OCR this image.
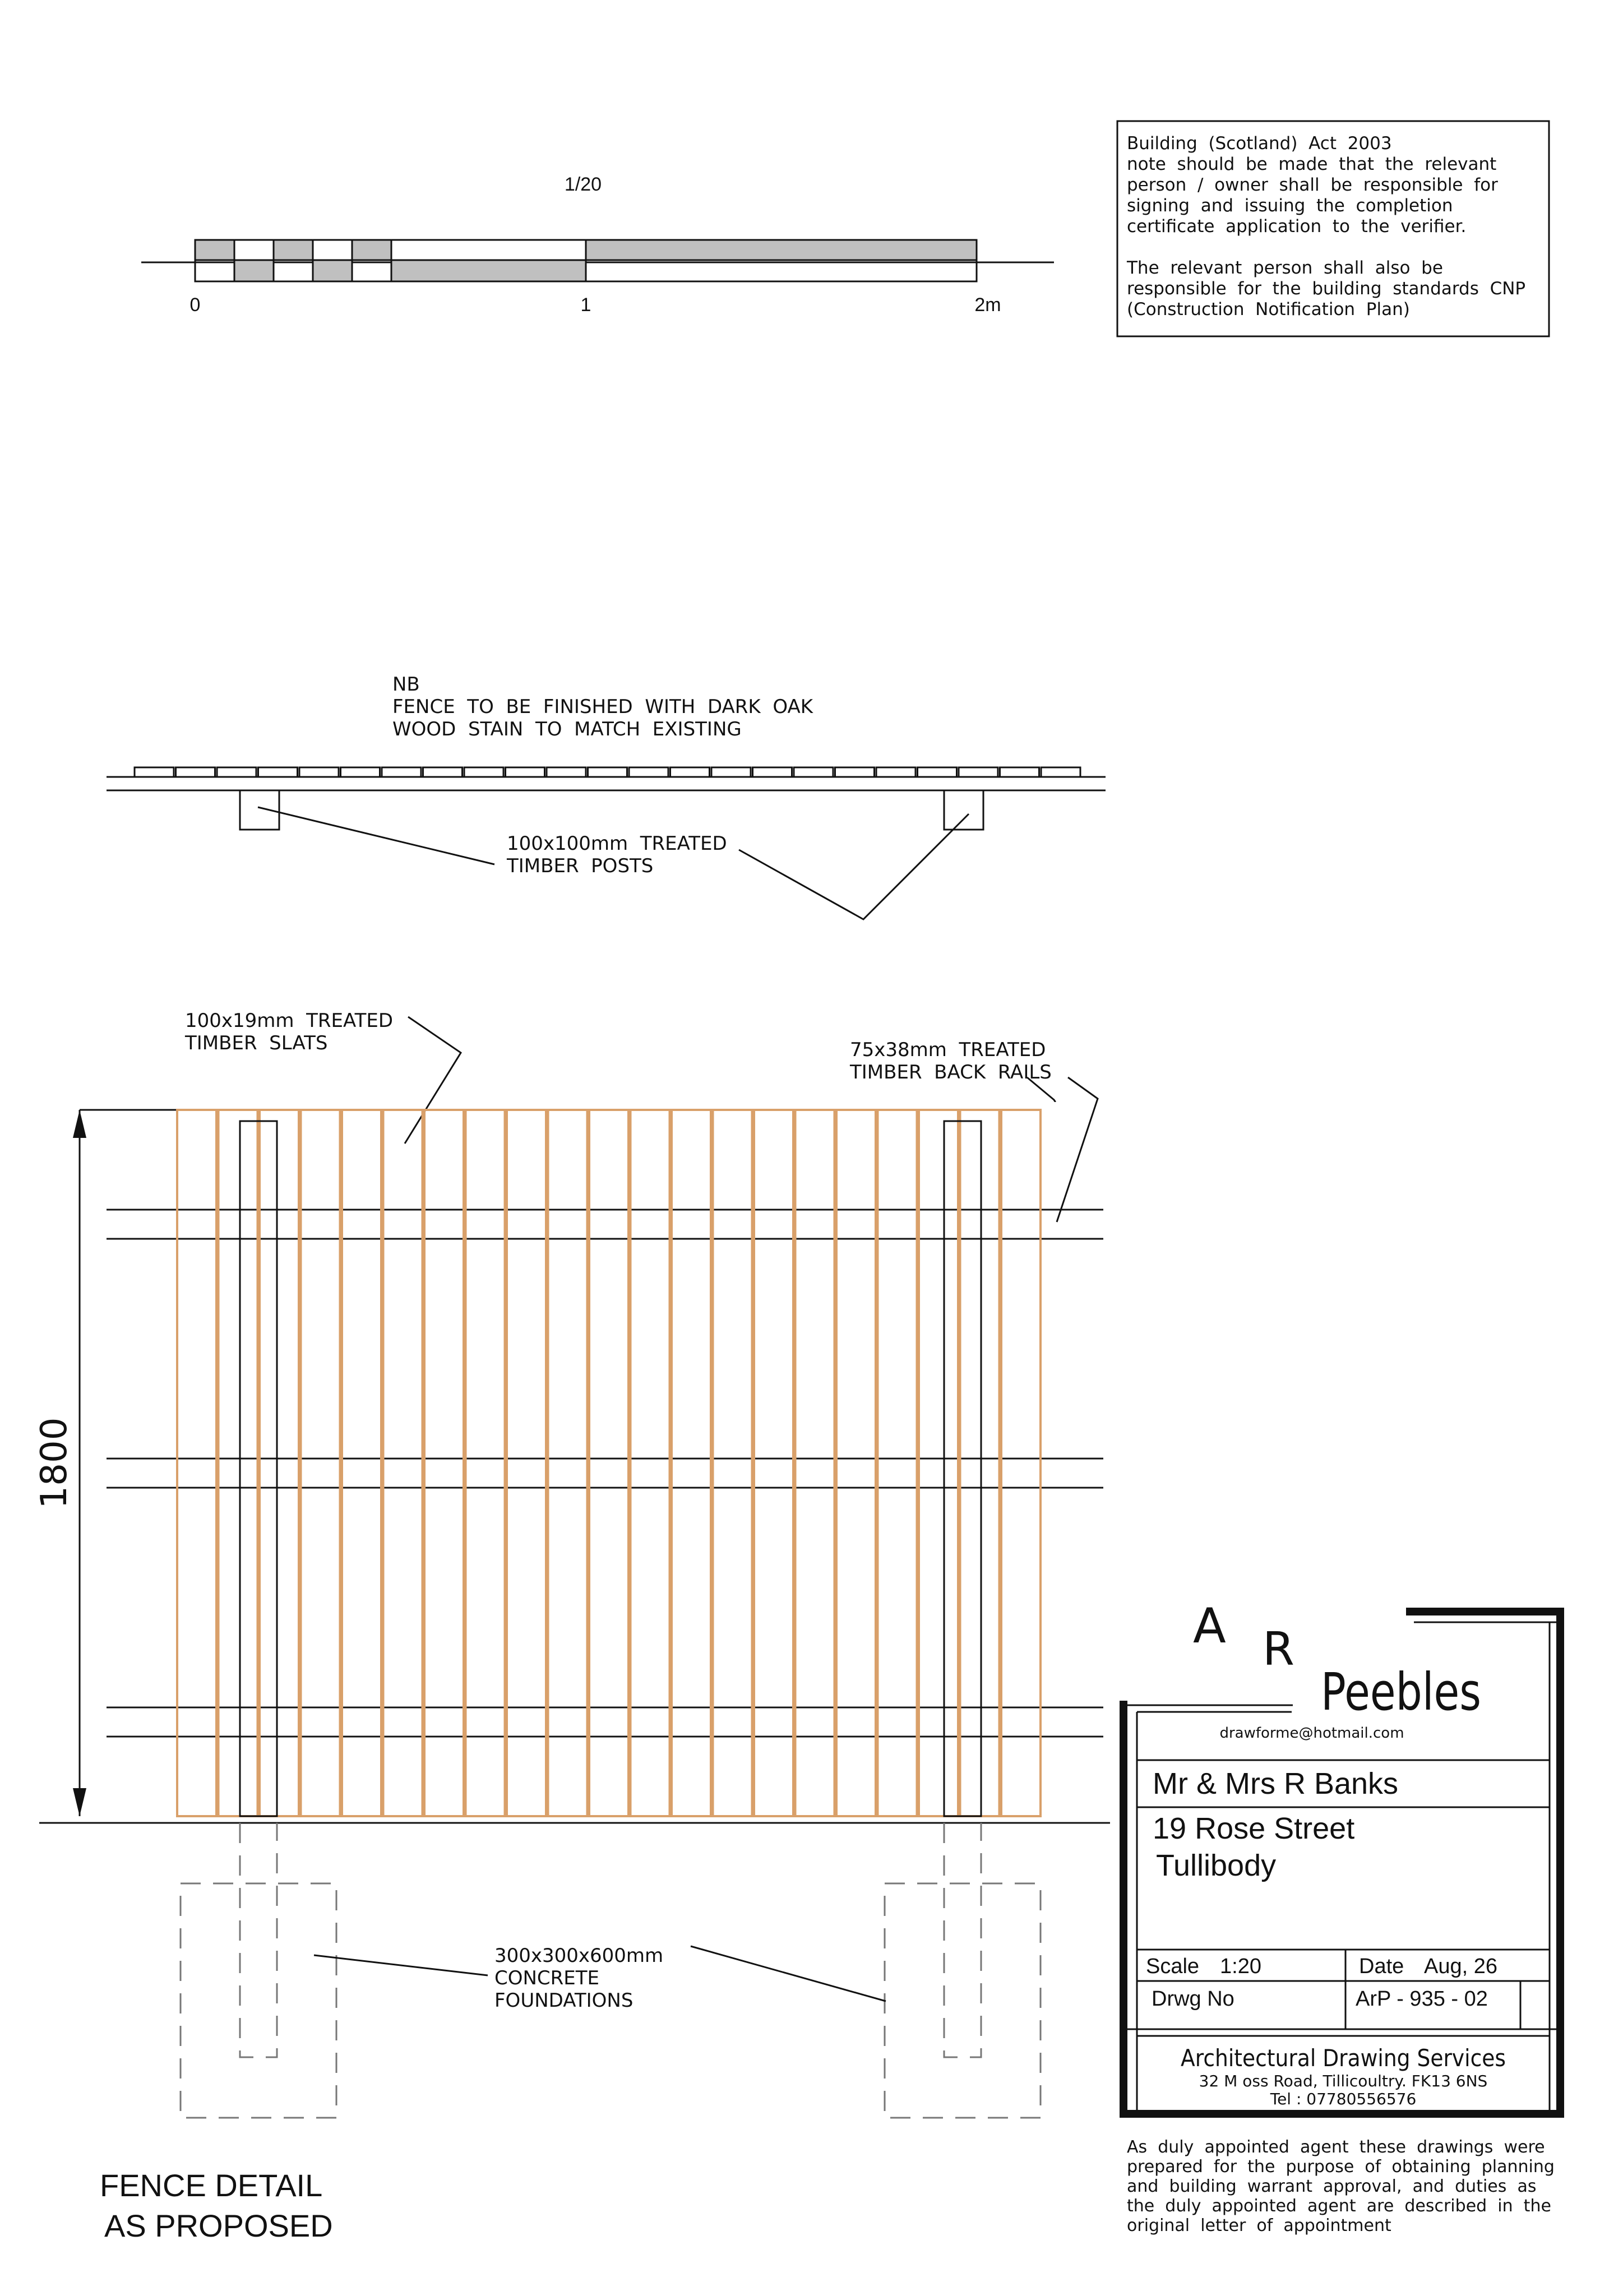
1/20
0	1	2m
Building  (Scotland)  Act  2003
note  should  be  made  that  the  relevant
person  /  owner  shall  be  responsible  for
signing  and  issuing  the  completion
certificate  application  to  the  verifier.
The  relevant  person  shall  also  be
responsible  for  the  building  standards  CNP
(Construction  Notification  Plan)
NB
FENCE  TO  BE  FINISHED  WITH  DARK  OAK
WOOD  STAIN  TO  MATCH  EXISTING
100x100mm  TREATED
TIMBER  POSTS
100x19mm  TREATED
TIMBER  SLATS	75x38mm  TREATED
TIMBER  BACK  RAILS
1800
300x300x600mm
CONCRETE
FOUNDATIONS
FENCE DETAIL
AS PROPOSED
A R
Peebles
drawforme@hotmail.com
Mr & Mrs R Banks
19 Rose Street
Tullibody
Scale 1:20	Date Aug, 26
Drwg No	ArP - 935 - 02
Architectural Drawing Services
32 M oss Road, Tillicoultry. FK13 6NS
Tel : 07780556576
As  duly  appointed  agent  these  drawings  were
prepared  for  the  purpose  of  obtaining  planning
and  building  warrant  approval,  and  duties  as
the  duly  appointed  agent  are  described  in  the
original  letter  of  appointment
